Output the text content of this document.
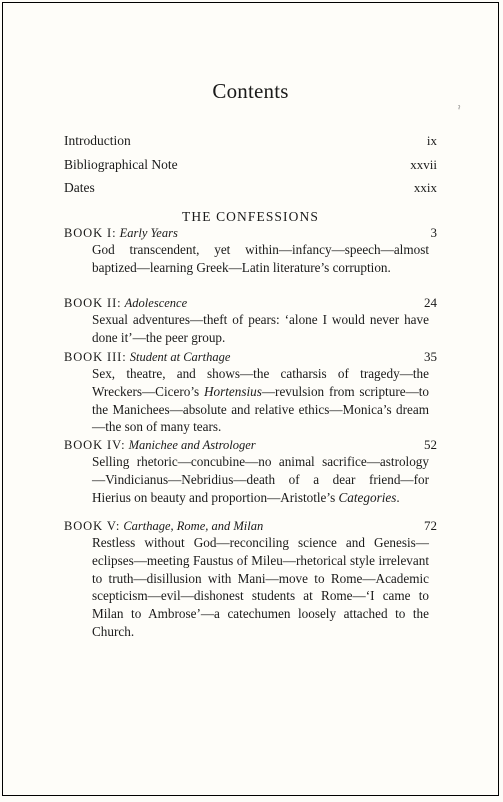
ˀ
Contents
Introduction	ix
Bibliographical Note	xxvii
Dates	xxix
THE CONFESSIONS
BOOK I: Early Years	3
God transcendent, yet within—infancy—speech—almost baptized—learning Greek—Latin literature’s corruption.
BOOK II: Adolescence	24
Sexual adventures—theft of pears: ‘alone I would never have done it’—the peer group.
BOOK III: Student at Carthage	35
Sex, theatre, and shows—the catharsis of tragedy—the Wreckers—Cicero’s Hortensius—revulsion from scripture—to the Manichees—absolute and relative ethics—Monica’s dream—the son of many tears.
BOOK IV: Manichee and Astrologer	52
Selling rhetoric—concubine—no animal sacrifice—astrology—Vindicianus—Nebridius—death of a dear friend—for Hierius on beauty and proportion—Aristotle’s Categories.
BOOK V: Carthage, Rome, and Milan	72
Restless without God—reconciling science and Genesis—eclipses—meeting Faustus of Mileu—rhetorical style irrelevant to truth—disillusion with Mani—move to Rome—Academic scepticism—evil—dishonest students at Rome—‘I came to Milan to Ambrose’—a catechumen loosely attached to the Church.
